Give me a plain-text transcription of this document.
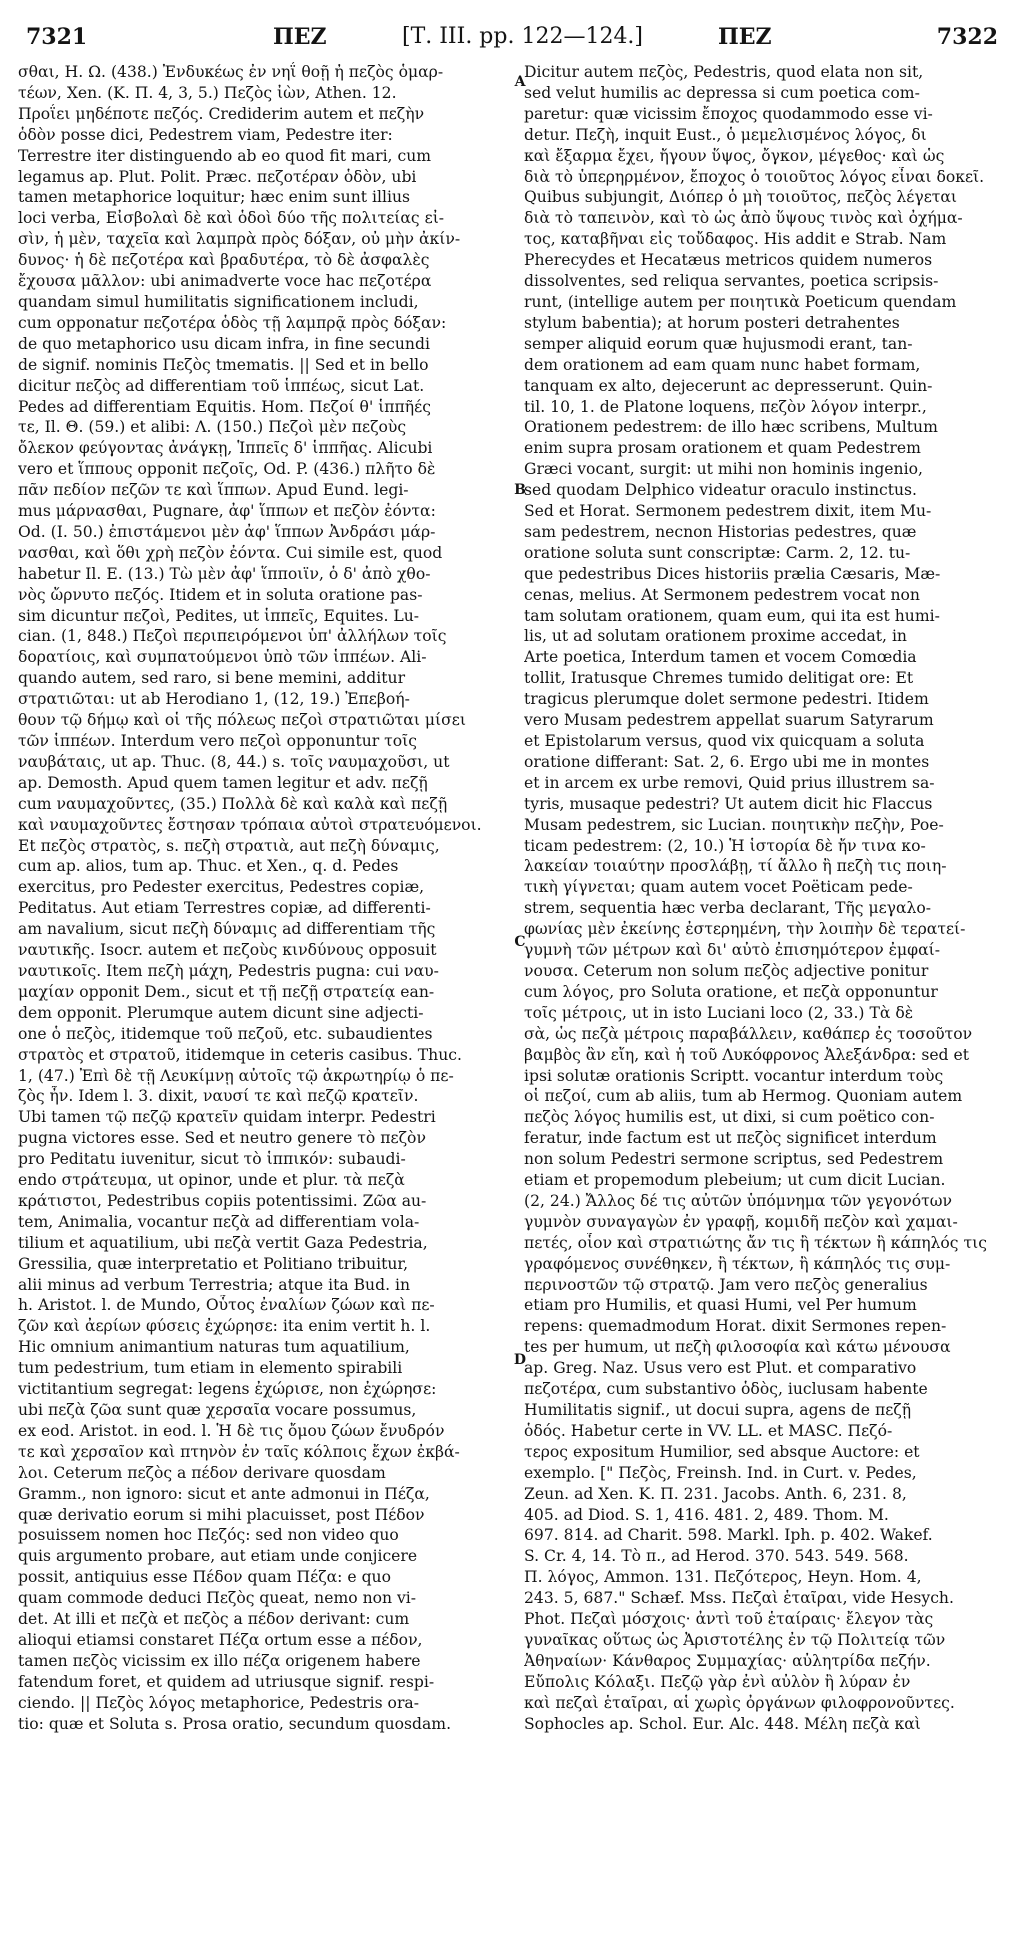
7321	ΠΕΖ	[Τ. III. pp. 122—124.]	ΠΕΖ	7322
σθαι, Η. Ω. (438.) Ἐνδυκέως ἐν νηΐ θοῇ ἠ πεζὸς ὁμαρ-
τέων, Xen. (K. Π. 4, 3, 5.) Πεζὸς ἰὼν, Athen. 12.
Προΐει μηδέποτε πεζός. Crediderim autem et πεζὴν
ὁδὸν posse dici, Pedestrem viam, Pedestre iter:
Terrestre iter distinguendo ab eo quod fit mari, cum
legamus ap. Plut. Polit. Præc. πεζοτέραν ὁδὸν, ubi
tamen metaphorice loquitur; hæc enim sunt illius
loci verba, Εἰσβολαὶ δὲ καὶ ὁδοὶ δύο τῆς πολιτείας εἰ-
σὶν, ἡ μὲν, ταχεῖα καὶ λαμπρὰ πρὸς δόξαν, οὐ μὴν ἀκίν-
δυνος· ἡ δὲ πεζοτέρα καὶ βραδυτέρα, τὸ δὲ ἀσφαλὲς
ἔχουσα μᾶλλον: ubi animadverte voce hac πεζοτέρα
quandam simul humilitatis significationem includi,
cum opponatur πεζοτέρα ὁδὸς τῇ λαμπρᾷ πρὸς δόξαν:
de quo metaphorico usu dicam infra, in fine secundi
de signif. nominis Πεζὸς tmematis. || Sed et in bello
dicitur πεζὸς ad differentiam τοῦ ἱππέως, sicut Lat.
Pedes ad differentiam Equitis. Hom. Πεζοί θ' ἱππῆές
τε, Il. Θ. (59.) et alibi: Λ. (150.) Πεζοὶ μὲν πεζοὺς
ὄλεκον φεύγοντας ἀνάγκῃ, Ἱππεῖς δ' ἱππῆας. Alicubi
vero et ἵππους opponit πεζοῖς, Od. P. (436.) πλῆτο δὲ
πᾶν πεδίον πεζῶν τε καὶ ἵππων. Apud Eund. legi-
mus μάρνασθαι, Pugnare, ἀφ' ἵππων et πεζὸν ἐόντα:
Od. (I. 50.) ἐπιστάμενοι μὲν ἀφ' ἵππων Ἀνδράσι μάρ-
νασθαι, καὶ ὅθι χρὴ πεζὸν ἐόντα. Cui simile est, quod
habetur Il. E. (13.) Τὼ μὲν ἀφ' ἵπποιϊν, ὁ δ' ἀπὸ χθο-
νὸς ὤρνυτο πεζός. Itidem et in soluta oratione pas-
sim dicuntur πεζοὶ, Pedites, ut ἱππεῖς, Equites. Lu-
cian. (1, 848.) Πεζοὶ περιπειρόμενοι ὑπ' ἀλλήλων τοῖς
δορατίοις, καὶ συμπατούμενοι ὑπὸ τῶν ἱππέων. Ali-
quando autem, sed raro, si bene memini, additur
στρατιῶται: ut ab Herodiano 1, (12, 19.) Ἐπεβοή-
θουν τῷ δήμῳ καὶ οἱ τῆς πόλεως πεζοὶ στρατιῶται μίσει
τῶν ἱππέων. Interdum vero πεζοὶ opponuntur τοῖς
ναυβάταις, ut ap. Thuc. (8, 44.) s. τοῖς ναυμαχοῦσι, ut
ap. Demosth. Apud quem tamen legitur et adv. πεζῇ
cum ναυμαχοῦντες, (35.) Πολλὰ δὲ καὶ καλὰ καὶ πεζῇ
καὶ ναυμαχοῦντες ἔστησαν τρόπαια αὐτοὶ στρατευόμενοι.
Et πεζὸς στρατὸς, s. πεζὴ στρατιὰ, aut πεζὴ δύναμις,
cum ap. alios, tum ap. Thuc. et Xen., q. d. Pedes
exercitus, pro Pedester exercitus, Pedestres copiæ,
Peditatus. Aut etiam Terrestres copiæ, ad differenti-
am navalium, sicut πεζὴ δύναμις ad differentiam τῆς
ναυτικῆς. Isocr. autem et πεζοὺς κινδύνους opposuit
ναυτικοῖς. Item πεζὴ μάχη, Pedestris pugna: cui ναυ-
μαχίαν opponit Dem., sicut et τῇ πεζῇ στρατείᾳ ean-
dem opponit. Plerumque autem dicunt sine adjecti-
one ὁ πεζὸς, itidemque τοῦ πεζοῦ, etc. subaudientes
στρατὸς et στρατοῦ, itidemque in ceteris casibus. Thuc.
1, (47.) Ἐπὶ δὲ τῇ Λευκίμνῃ αὐτοῖς τῷ ἀκρωτηρίῳ ὁ πε-
ζὸς ἦν. Idem l. 3. dixit, ναυσί τε καὶ πεζῷ κρατεῖν.
Ubi tamen τῷ πεζῷ κρατεῖν quidam interpr. Pedestri
pugna victores esse. Sed et neutro genere τὸ πεζὸν
pro Peditatu iuvenitur, sicut τὸ ἱππικόν: subaudi-
endo στράτευμα, ut opinor, unde et plur. τὰ πεζὰ
κράτιστοι, Pedestribus copiis potentissimi. Ζῶα au-
tem, Animalia, vocantur πεζὰ ad differentiam vola-
tilium et aquatilium, ubi πεζὰ vertit Gaza Pedestria,
Gressilia, quæ interpretatio et Politiano tribuitur,
alii minus ad verbum Terrestria; atque ita Bud. in
h. Aristot. l. de Mundo, Οὗτος ἐναλίων ζώων καὶ πε-
ζῶν καὶ ἀερίων φύσεις ἐχώρησε: ita enim vertit h. l.
Hic omnium animantium naturas tum aquatilium,
tum pedestrium, tum etiam in elemento spirabili
victitantium segregat: legens ἐχώρισε, non ἐχώρησε:
ubi πεζὰ ζῶα sunt quæ χερσαῖα vocare possumus,
ex eod. Aristot. in eod. l. Ἡ δὲ τις ὄμου ζώων ἔνυδρόν
τε καὶ χερσαῖον καὶ πτηνὸν ἐν ταῖς κόλποις ἔχων ἐκβά-
λοι. Ceterum πεζὸς a πέδον derivare quosdam
Gramm., non ignoro: sicut et ante admonui in Πέζα,
quæ derivatio eorum si mihi placuisset, post Πέδον
posuissem nomen hoc Πεζός: sed non video quo
quis argumento probare, aut etiam unde conjicere
possit, antiquius esse Πέδον quam Πέζα: e quo
quam commode deduci Πεζὸς queat, nemo non vi-
det. At illi et πεζὰ et πεζὸς a πέδον derivant: cum
alioqui etiamsi constaret Πέζα ortum esse a πέδον,
tamen πεζὸς vicissim ex illo πέζα origenem habere
fatendum foret, et quidem ad utriusque signif. respi-
ciendo. || Πεζὸς λόγος metaphorice, Pedestris ora-
tio: quæ et Soluta s. Prosa oratio, secundum quosdam.
Dicitur autem πεζὸς, Pedestris, quod elata non sit,
sed velut humilis ac depressa si cum poetica com-
paretur: quæ vicissim ἔποχος quodammodo esse vi-
detur. Πεζὴ, inquit Eust., ὁ μεμελισμένος λόγος, δι
καὶ ἔξαρμα ἔχει, ἤγουν ὕψος, ὄγκον, μέγεθος· καὶ ὡς
διὰ τὸ ὑπερηρμένον, ἔποχος ὁ τοιοῦτος λόγος εἶναι δοκεῖ.
Quibus subjungit, Διόπερ ὁ μὴ τοιοῦτος, πεζὸς λέγεται
διὰ τὸ ταπεινὸν, καὶ τὸ ὡς ἀπὸ ὕψους τινὸς καὶ ὀχήμα-
τος, καταβῆναι εἰς τοὔδαφος. His addit e Strab. Nam
Pherecydes et Hecatæus metricos quidem numeros
dissolventes, sed reliqua servantes, poetica scripsis-
runt, (intellige autem per ποιητικὰ Poeticum quendam
stylum babentia); at horum posteri detrahentes
semper aliquid eorum quæ hujusmodi erant, tan-
dem orationem ad eam quam nunc habet formam,
tanquam ex alto, dejecerunt ac depresserunt. Quin-
til. 10, 1. de Platone loquens, πεζὸν λόγον interpr.,
Orationem pedestrem: de illo hæc scribens, Multum
enim supra prosam orationem et quam Pedestrem
Græci vocant, surgit: ut mihi non hominis ingenio,
sed quodam Delphico videatur oraculo instinctus.
Sed et Horat. Sermonem pedestrem dixit, item Mu-
sam pedestrem, necnon Historias pedestres, quæ
oratione soluta sunt conscriptæ: Carm. 2, 12. tu-
que pedestribus Dices historiis prælia Cæsaris, Mæ-
cenas, melius. At Sermonem pedestrem vocat non
tam solutam orationem, quam eum, qui ita est humi-
lis, ut ad solutam orationem proxime accedat, in
Arte poetica, Interdum tamen et vocem Comœdia
tollit, Iratusque Chremes tumido delitigat ore: Et
tragicus plerumque dolet sermone pedestri. Itidem
vero Musam pedestrem appellat suarum Satyrarum
et Epistolarum versus, quod vix quicquam a soluta
oratione differant: Sat. 2, 6. Ergo ubi me in montes
et in arcem ex urbe removi, Quid prius illustrem sa-
tyris, musaque pedestri? Ut autem dicit hic Flaccus
Musam pedestrem, sic Lucian. ποιητικὴν πεζὴν, Poe-
ticam pedestrem: (2, 10.) Ἡ ἱστορία δὲ ἤν τινα κο-
λακείαν τοιαύτην προσλάβῃ, τί ἄλλο ἢ πεζὴ τις ποιη-
τικὴ γίγνεται; quam autem vocet Poëticam pede-
strem, sequentia hæc verba declarant, Τῆς μεγαλο-
φωνίας μὲν ἐκείνης ἐστερημένη, τὴν λοιπὴν δὲ τερατεί-
γυμνὴ τῶν μέτρων καὶ δι' αὐτὸ ἐπισημότερον ἐμφαί-
νουσα. Ceterum non solum πεζὸς adjective ponitur
cum λόγος, pro Soluta oratione, et πεζὰ opponuntur
τοῖς μέτροις, ut in isto Luciani loco (2, 33.) Τὰ δὲ
σὰ, ὡς πεζὰ μέτροις παραβάλλειν, καθάπερ ἐς τοσοῦτον
βαμβὸς ἂν εἴη, καὶ ἡ τοῦ Λυκόφρονος Ἀλεξάνδρα: sed et
ipsi solutæ orationis Scriptt. vocantur interdum τοὺς
οἱ πεζοί, cum ab aliis, tum ab Hermog. Quoniam autem
πεζὸς λόγος humilis est, ut dixi, si cum poëtico con-
feratur, inde factum est ut πεζὸς significet interdum
non solum Pedestri sermone scriptus, sed Pedestrem
etiam et propemodum plebeium; ut cum dicit Lucian.
(2, 24.) Ἄλλος δέ τις αὐτῶν ὑπόμνημα τῶν γεγονότων
γυμνὸν συναγαγὼν ἐν γραφῇ, κομιδῆ πεζὸν καὶ χαμαι-
πετές, οἷον καὶ στρατιώτης ἄν τις ἢ τέκτων ἢ κάπηλός τις
γραφόμενος συνέθηκεν, ἢ τέκτων, ἢ κάπηλός τις συμ-
περινοστῶν τῷ στρατῷ. Jam vero πεζὸς generalius
etiam pro Humilis, et quasi Humi, vel Per humum
repens: quemadmodum Horat. dixit Sermones repen-
tes per humum, ut πεζὴ φιλοσοφία καὶ κάτω μένουσα
ap. Greg. Naz. Usus vero est Plut. et comparativo
πεζοτέρα, cum substantivo ὁδὸς, iuclusam habente
Humilitatis signif., ut docui supra, agens de πεζῇ
ὁδός. Habetur certe in VV. LL. et MASC. Πεζό-
τερος expositum Humilior, sed absque Auctore: et
exemplo. [" Πεζὸς, Freinsh. Ind. in Curt. v. Pedes,
Zeun. ad Xen. K. Π. 231. Jacobs. Anth. 6, 231. 8,
405. ad Diod. S. 1, 416. 481. 2, 489. Thom. M.
697. 814. ad Charit. 598. Markl. Iph. p. 402. Wakef.
S. Cr. 4, 14. Τὸ π., ad Herod. 370. 543. 549. 568.
Π. λόγος, Ammon. 131. Πεζότερος, Heyn. Hom. 4,
243. 5, 687." Schæf. Mss. Πεζαὶ ἑταῖραι, vide Hesych.
Phot. Πεζαὶ μόσχοις· ἀντὶ τοῦ ἑταίραις· ἔλεγον τὰς
γυναῖκας οὕτως ὡς Ἀριστοτέλης ἐν τῷ Πολιτείᾳ τῶν
Ἀθηναίων· Κάνθαρος Συμμαχίας· αὐλητρίδα πεζήν.
Εὔπολις Κόλαξι. Πεζῷ γὰρ ἐνὶ αὐλὸν ἢ λύραν ἐν
καὶ πεζαὶ ἑταῖραι, αἱ χωρὶς ὀργάνων φιλοφρονοῦντες.
Sophocles ap. Schol. Eur. Alc. 448. Μέλη πεζὰ καὶ
A
B
C
D
